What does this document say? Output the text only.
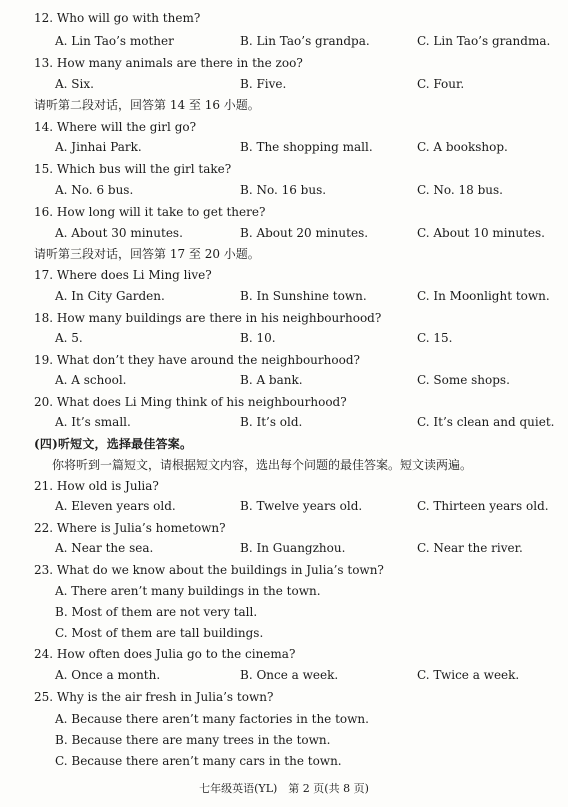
12. Who will go with them?
A. Lin Tao’s mother	B. Lin Tao’s grandpa.	C. Lin Tao’s grandma.
13. How many animals are there in the zoo?
A. Six.	B. Five.	C. Four.
请听第二段对话，回答第 14 至 16 小题。
14. Where will the girl go?
A. Jinhai Park.	B. The shopping mall.	C. A bookshop.
15. Which bus will the girl take?
A. No. 6 bus.	B. No. 16 bus.	C. No. 18 bus.
16. How long will it take to get there?
A. About 30 minutes.	B. About 20 minutes.	C. About 10 minutes.
请听第三段对话，回答第 17 至 20 小题。
17. Where does Li Ming live?
A. In City Garden.	B. In Sunshine town.	C. In Moonlight town.
18. How many buildings are there in his neighbourhood?
A. 5.	B. 10.	C. 15.
19. What don’t they have around the neighbourhood?
A. A school.	B. A bank.	C. Some shops.
20. What does Li Ming think of his neighbourhood?
A. It’s small.	B. It’s old.	C. It’s clean and quiet.
(四)听短文，选择最佳答案。
你将听到一篇短文，请根据短文内容，选出每个问题的最佳答案。短文读两遍。
21. How old is Julia?
A. Eleven years old.	B. Twelve years old.	C. Thirteen years old.
22. Where is Julia’s hometown?
A. Near the sea.	B. In Guangzhou.	C. Near the river.
23. What do we know about the buildings in Julia’s town?
A. There aren’t many buildings in the town.
B. Most of them are not very tall.
C. Most of them are tall buildings.
24. How often does Julia go to the cinema?
A. Once a month.	B. Once a week.	C. Twice a week.
25. Why is the air fresh in Julia’s town?
A. Because there aren’t many factories in the town.
B. Because there are many trees in the town.
C. Because there aren’t many cars in the town.
七年级英语(YL)　第 2 页(共 8 页)
